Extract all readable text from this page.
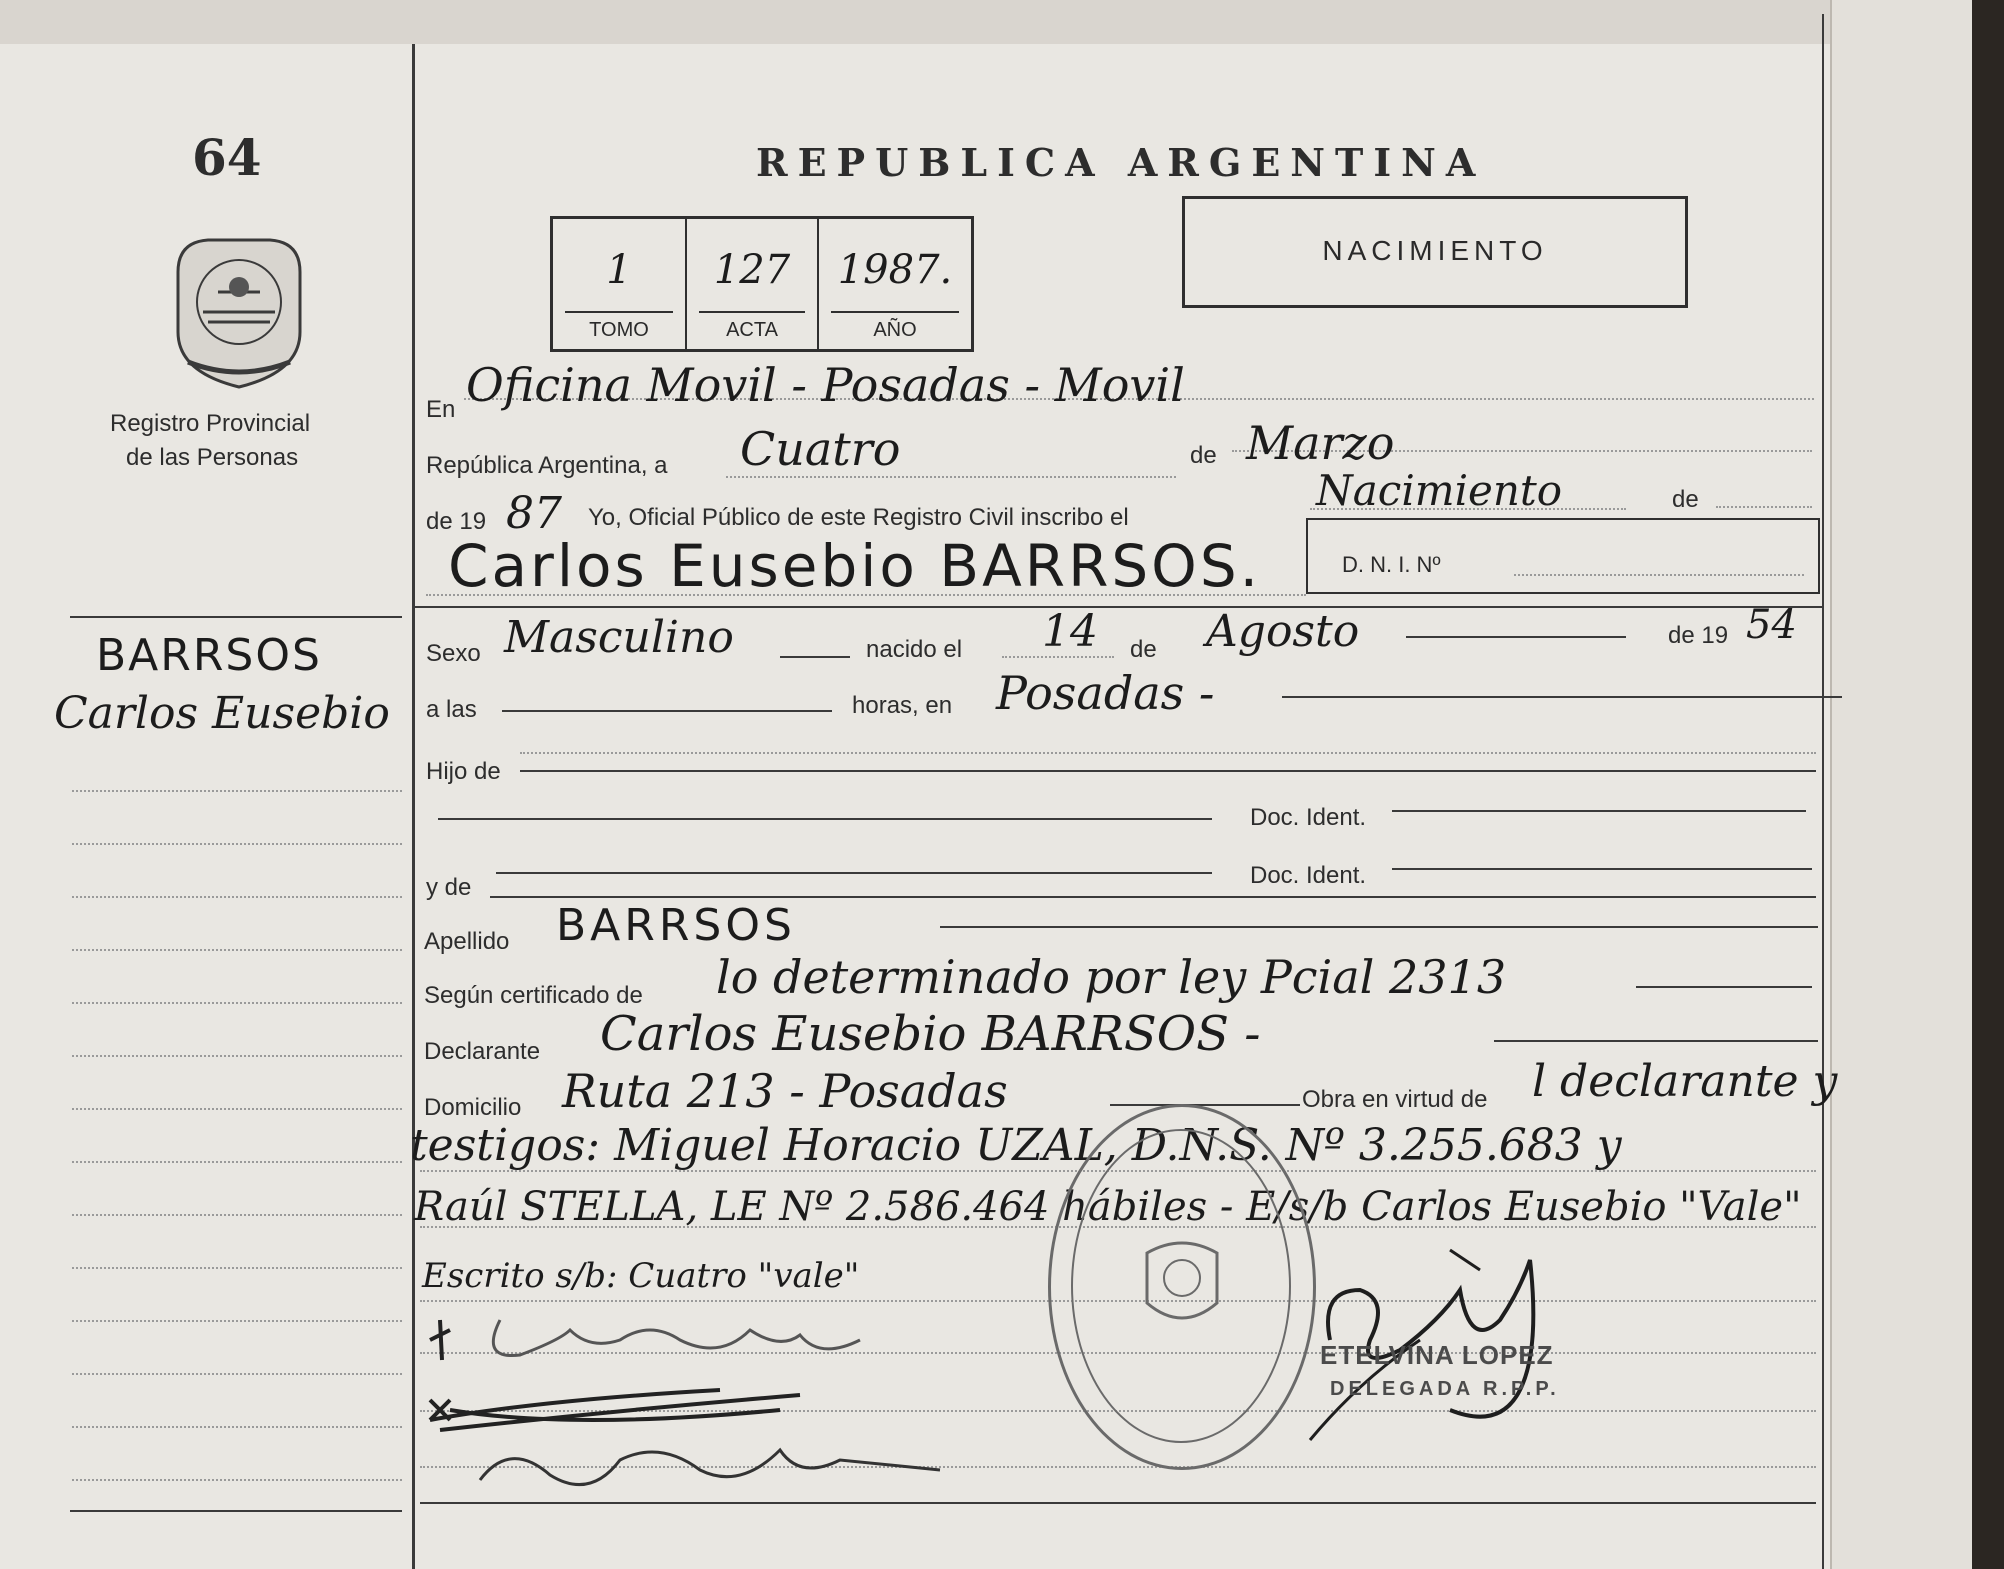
64
Registro Provincial
de las Personas
BARRSOS
Carlos Eusebio
REPUBLICA ARGENTINA
1
TOMO
127
ACTA
1987.
AÑO
NACIMIENTO
En Oficina Movil - Posadas - Movil
República Argentina, a Cuatro	de Marzo
de 19 87 Yo, Oficial Público de este Registro Civil inscribo el
Nacimiento	de
Carlos Eusebio BARRSOS.	D. N. I. Nº
Sexo Masculino	nacido el 14 de Agosto	de 19 54
a las	horas, en Posadas -
Hijo de
Doc. Ident.
y de	Doc. Ident.
Apellido BARRSOS
Según certificado de lo determinado por ley Pcial 2313
Declarante Carlos Eusebio BARRSOS -
Domicilio Ruta 213 - Posadas	Obra en virtud de l declarante y
testigos: Miguel Horacio UZAL, D.N.S. Nº 3.255.683 y
Raúl STELLA, LE Nº 2.586.464 hábiles - E/s/b Carlos Eusebio "Vale"
Escrito s/b: Cuatro "vale"
ETELVINA LOPEZ
DELEGADA R.P.P.
